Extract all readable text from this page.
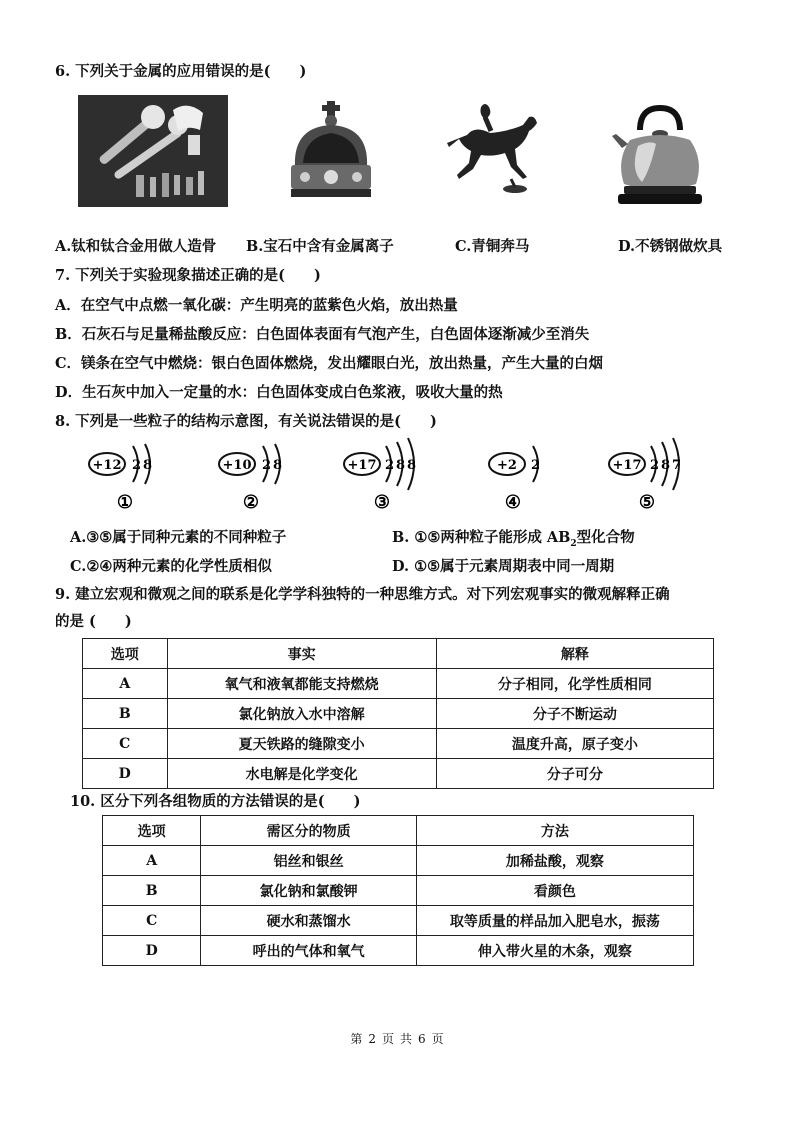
6. 下列关于金属的应用错误的是(　　)
A.钛和钛合金用做人造骨 B.宝石中含有金属离子	C.青铜奔马	D.不锈钢做炊具
7. 下列关于实验现象描述正确的是(　　)
A．在空气中点燃一氧化碳：产生明亮的蓝紫色火焰，放出热量
B．石灰石与足量稀盐酸反应：白色固体表面有气泡产生，白色固体逐渐减少至消失
C．镁条在空气中燃烧：银白色固体燃烧，发出耀眼白光，放出热量，产生大量的白烟
D．生石灰中加入一定量的水：白色固体变成白色浆液，吸收大量的热
8. 下列是一些粒子的结构示意图，有关说法错误的是(　　)
+12 2 8
①
+10 2 8
②
+17 2 8 8
③
+2 2
④
+17 2 8 7
⑤
A.③⑤属于同种元素的不同种粒子	B. ①⑤两种粒子能形成 $AB_2$型化合物
C.②④两种元素的化学性质相似	D. ①⑤属于元素周期表中同一周期
9. 建立宏观和微观之间的联系是化学学科独特的一种思维方式。对下列宏观事实的微观解释正确
的是 (　　)
选项	事实	解释
A	氧气和液氧都能支持燃烧	分子相同，化学性质相同
B	氯化钠放入水中溶解	分子不断运动
C	夏天铁路的缝隙变小	温度升高，原子变小
D	水电解是化学变化	分子可分
10. 区分下列各组物质的方法错误的是(　　)
选项	需区分的物质	方法
A	铝丝和银丝	加稀盐酸，观察
B	氯化钠和氯酸钾	看颜色
C	硬水和蒸馏水	取等质量的样品加入肥皂水，振荡
D	呼出的气体和氧气	伸入带火星的木条，观察
第 2 页 共 6 页
